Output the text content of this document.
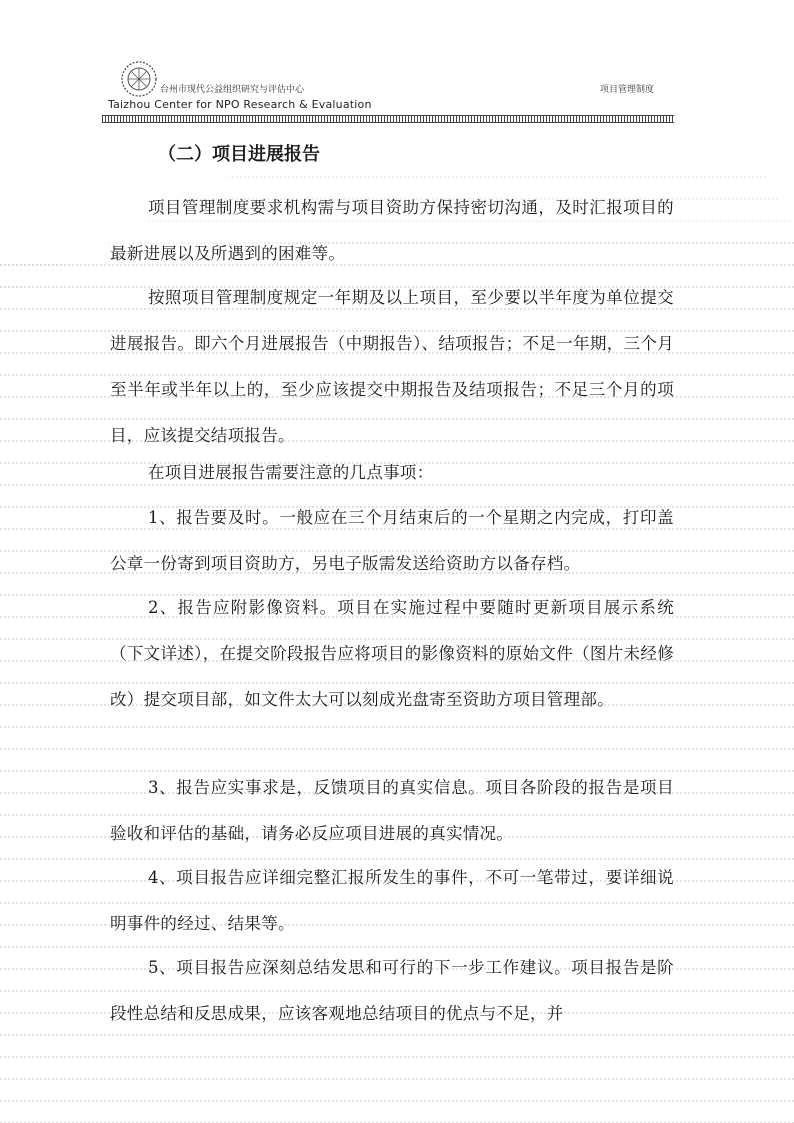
台州市现代公益组织研究与评估中心
Taizhou Center for NPO Research & Evaluation
项目管理制度
（二）项目进展报告

项目管理制度要求机构需与项目资助方保持密切沟通，及时汇报项目的最新进展以及所遇到的困难等。

按照项目管理制度规定一年期及以上项目，至少要以半年度为单位提交进展报告。即六个月进展报告（中期报告）、结项报告；不足一年期，三个月至半年或半年以上的，至少应该提交中期报告及结项报告；不足三个月的项目，应该提交结项报告。

在项目进展报告需要注意的几点事项：

1、报告要及时。一般应在三个月结束后的一个星期之内完成，打印盖公章一份寄到项目资助方，另电子版需发送给资助方以备存档。

2、报告应附影像资料。项目在实施过程中要随时更新项目展示系统（下文详述），在提交阶段报告应将项目的影像资料的原始文件（图片未经修改）提交项目部，如文件太大可以刻成光盘寄至资助方项目管理部。

3、报告应实事求是，反馈项目的真实信息。项目各阶段的报告是项目验收和评估的基础，请务必反应项目进展的真实情况。

4、项目报告应详细完整汇报所发生的事件，不可一笔带过，要详细说明事件的经过、结果等。

5、项目报告应深刻总结发思和可行的下一步工作建议。项目报告是阶段性总结和反思成果，应该客观地总结项目的优点与不足，并
